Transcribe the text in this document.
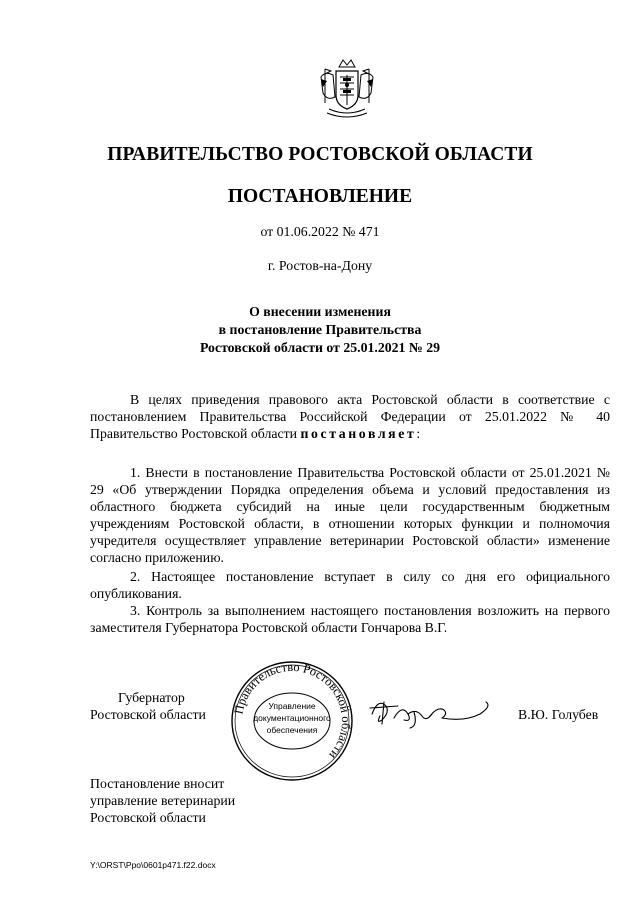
ПРАВИТЕЛЬСТВО РОСТОВСКОЙ ОБЛАСТИ
ПОСТАНОВЛЕНИЕ
от 01.06.2022 № 471
г. Ростов-на-Дону
О внесении изменения
в постановление Правительства
Ростовской области от 25.01.2021 № 29
В целях приведения правового акта Ростовской области в соответствие с постановлением Правительства Российской Федерации от 25.01.2022 № 40 Правительство Ростовской области постановляет:
1. Внести в постановление Правительства Ростовской области от 25.01.2021 № 29 «Об утверждении Порядка определения объема и условий предоставления из областного бюджета субсидий на иные цели государственным бюджетным учреждениям Ростовской области, в отношении которых функции и полномочия учредителя осуществляет управление ветеринарии Ростовской области» изменение согласно приложению.
2. Настоящее постановление вступает в силу со дня его официального опубликования.
3. Контроль за выполнением настоящего постановления возложить на первого заместителя Губернатора Ростовской области Гончарова В.Г.
Губернатор
Ростовской области	Правительство Ростовской области
Управление
документационного
обеспечения
В.Ю. Голубев
Постановление вносит
управление ветеринарии
Ростовской области
Y:\ORST\Ppo\0601p471.f22.docx
